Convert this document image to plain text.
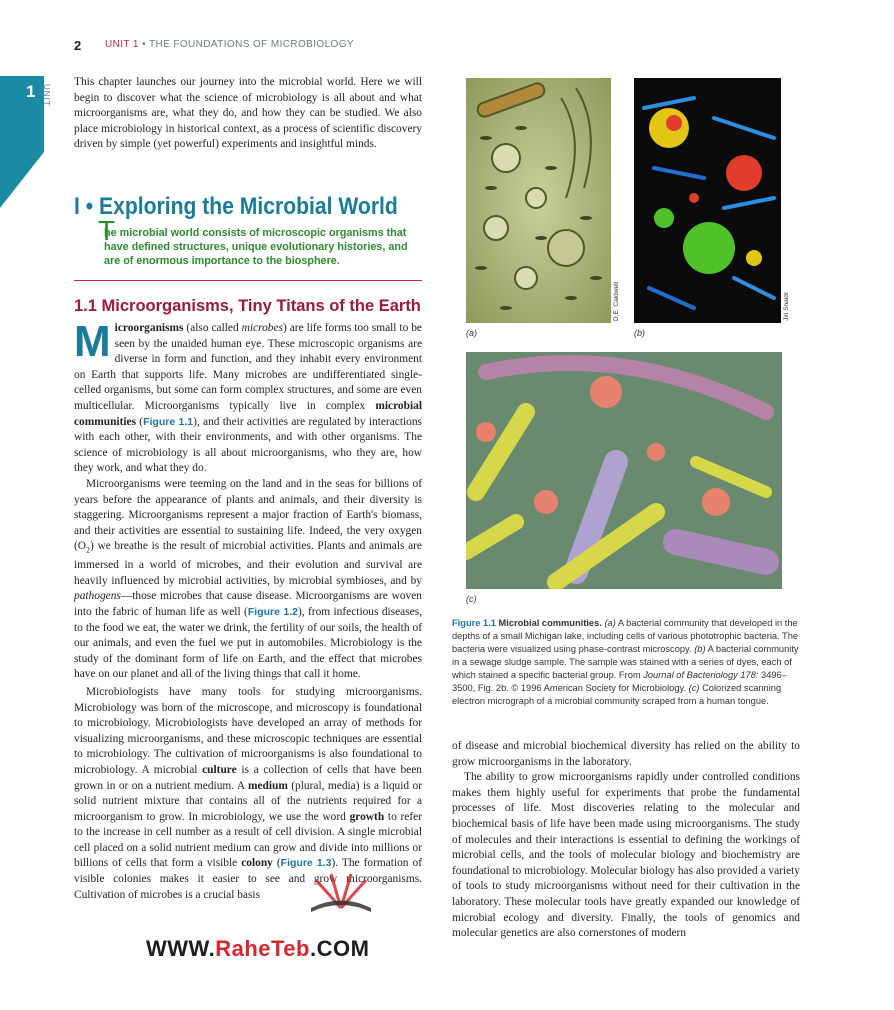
2 UNIT 1 • THE FOUNDATIONS OF MICROBIOLOGY
1 UNIT

This chapter launches our journey into the microbial world. Here we will begin to discover what the science of microbiology is all about and what microorganisms are, what they do, and how they can be studied. We also place microbiology in historical context, as a process of scientific discovery driven by simple (yet powerful) experiments and insightful minds.

I • Exploring the Microbial World
T
he microbial world consists of microscopic organisms that have defined structures, unique evolutionary histories, and are of enormous importance to the biosphere.
1.1 Microorganisms, Tiny Titans of the Earth

Microorganisms (also called microbes) are life forms too small to be seen by the unaided human eye. These microscopic organisms are diverse in form and function, and they inhabit every environment on Earth that supports life. Many microbes are undifferentiated single-celled organisms, but some can form complex structures, and some are even multicellular. Microorganisms typically live in complex microbial communities (Figure 1.1), and their activities are regulated by interactions with each other, with their environments, and with other organisms. The science of microbiology is all about microorganisms, who they are, how they work, and what they do.

Microorganisms were teeming on the land and in the seas for billions of years before the appearance of plants and animals, and their diversity is staggering. Microorganisms represent a major fraction of Earth's biomass, and their activities are essential to sustaining life. Indeed, the very oxygen $(O_2)$ we breathe is the result of microbial activities. Plants and animals are immersed in a world of microbes, and their evolution and survival are heavily influenced by microbial activities, by microbial symbioses, and by pathogens—those microbes that cause disease. Microorganisms are woven into the fabric of human life as well (Figure 1.2), from infectious diseases, to the food we eat, the water we drink, the fertility of our soils, the health of our animals, and even the fuel we put in automobiles. Microbiology is the study of the dominant form of life on Earth, and the effect that microbes have on our planet and all of the living things that call it home.

Microbiologists have many tools for studying microorganisms. Microbiology was born of the microscope, and microscopy is foundational to microbiology. Microbiologists have developed an array of methods for visualizing microorganisms, and these microscopic techniques are essential to microbiology. The cultivation of microorganisms is also foundational to microbiology. A microbial culture is a collection of cells that have been grown in or on a nutrient medium. A medium (plural, media) is a liquid or solid nutrient mixture that contains all of the nutrients required for a microorganism to grow. In microbiology, we use the word growth to refer to the increase in cell number as a result of cell division. A single microbial cell placed on a solid nutrient medium can grow and divide into millions or billions of cells that form a visible colony (Figure 1.3). The formation of visible colonies makes it easier to see and grow microorganisms. Cultivation of microbes is a crucial basis

D.E. Caldwell
(a)
Jiri Snaidr
(b)
(c)
Figure 1.1 Microbial communities. (a) A bacterial community that developed in the depths of a small Michigan lake, including cells of various phototrophic bacteria. The bacteria were visualized using phase-contrast microscopy. (b) A bacterial community in a sewage sludge sample. The sample was stained with a series of dyes, each of which stained a specific bacterial group. From Journal of Bacteriology 178: 3496–3500, Fig. 2b. © 1996 American Society for Microbiology. (c) Colorized scanning electron micrograph of a microbial community scraped from a human tongue.

of disease and microbial biochemical diversity has relied on the ability to grow microorganisms in the laboratory.

The ability to grow microorganisms rapidly under controlled conditions makes them highly useful for experiments that probe the fundamental processes of life. Most discoveries relating to the molecular and biochemical basis of life have been made using microorganisms. The study of molecules and their interactions is essential to defining the workings of microbial cells, and the tools of molecular biology and biochemistry are foundational to microbiology. Molecular biology has also provided a variety of tools to study microorganisms without need for their cultivation in the laboratory. These molecular tools have greatly expanded our knowledge of microbial ecology and diversity. Finally, the tools of genomics and molecular genetics are also cornerstones of modern

WWW.RaheTeb.COM
